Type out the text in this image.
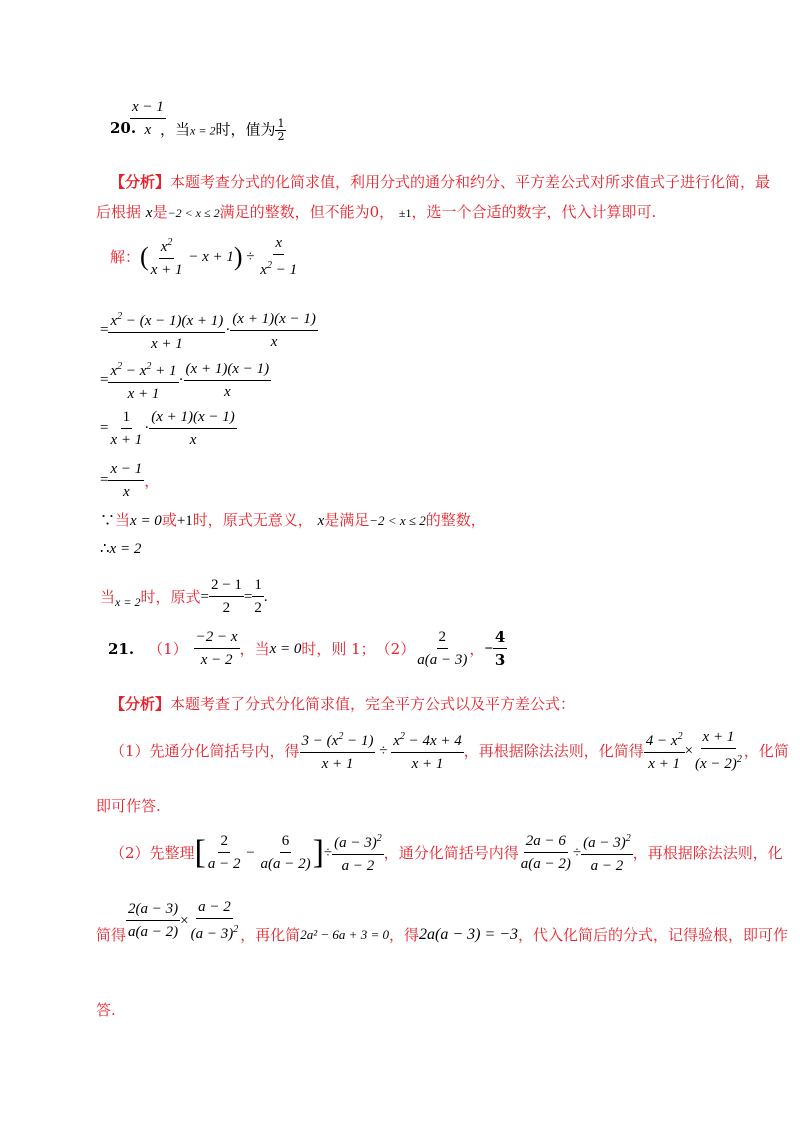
20.
$\frac{x - 1}{x}$
，当x = 2时，值为 $\frac{1}{2}$
【分析】本题考查分式的化简求值，利用分式的通分和约分、平方差公式对所求值式子进行化简，最
后根据 x是−2 < x ≤ 2满足的整数，但不能为0， ±1，选一个合适的数字，代入计算即可.
解： ( $\frac{x^2}{x + 1} - x + 1$ ) ÷ $\frac{x}{x^2 - 1}$
= $\frac{x^2 - (x - 1)(x + 1)}{x + 1} \cdot \frac{(x + 1)(x - 1)}{x}$
= $\frac{x^2 - x^2 + 1}{x + 1} \cdot \frac{(x + 1)(x - 1)}{x}$
= $\frac{1}{x + 1} \cdot \frac{(x + 1)(x - 1)}{x}$
= $\frac{x - 1}{x}$ ，
∵当x = 0或+1时，原式无意义， x是满足−2 < x ≤ 2的整数，
∴x = 2
当 x = 2 时，原式 = $\frac{2 - 1}{2} = \frac{1}{2}$ .
21. $(1) \frac{-2 - x}{x - 2}$ ，当 x = 0 时，则 1； $(2) \frac{2}{a(a - 3)}$ ， − $\frac{4}{3}$
【分析】本题考查了分式分化简求值，完全平方公式以及平方差公式：
（1）先通分化简括号内，得 $\frac{3 - (x^2 - 1)}{x + 1} \div \frac{x^2 - 4x + 4}{x + 1}$ ，再根据除法法则，化简得 $\frac{4 - x^2}{x + 1} \times \frac{x + 1}{(x - 2)^2}$ ，化简
即可作答.
（2）先整理 [ $\frac{2}{a - 2} - \frac{6}{a(a - 2)}$ ] ÷ $\frac{(a - 3)^2}{a - 2}$ ，通分化简括号内得 $\frac{2a - 6}{a(a - 2)} \div \frac{(a - 3)^2}{a - 2}$ ，再根据除法法则，化
简得 $\frac{2(a - 3)}{a(a - 2)} \times \frac{a - 2}{(a - 3)^2}$ ，再化简 2a² − 6a + 3 = 0 ，得 2a(a − 3) = −3 ，代入化简后的分式，记得验根，即可作
答.
